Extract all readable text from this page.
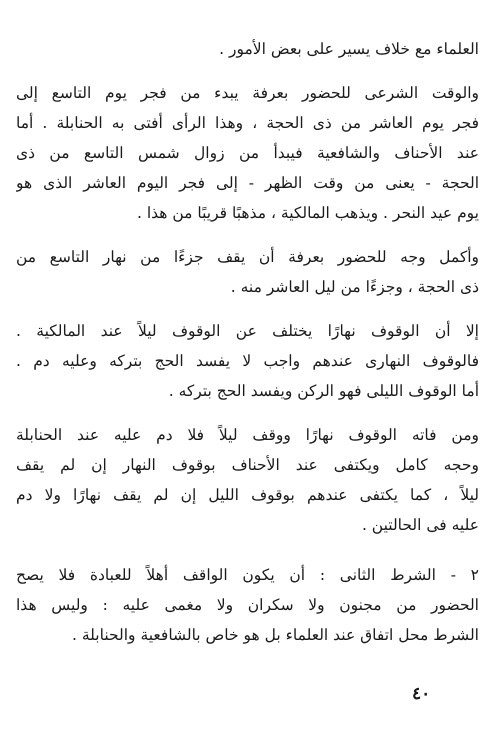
العلماء مع خلاف يسير على بعض الأمور .
والوقت الشرعى للحضور بعرفة يبدء من فجر يوم التاسع إلى
فجر يوم العاشر من ذى الحجة ، وهذا الرأى أفتى به الحنابلة . أما
عند الأحناف والشافعية فيبدأ من زوال شمس التاسع من ذى
الحجة - يعنى من وقت الظهر - إلى فجر اليوم العاشر الذى هو
يوم عيد النحر . ويذهب المالكية ، مذهبًا قريبًا من هذا .
وأكمل وجه للحضور بعرفة أن يقف جزءًا من نهار التاسع من
ذى الحجة ، وجزءًا من ليل العاشر منه .
إلا أن الوقوف نهارًا يختلف عن الوقوف ليلاً عند المالكية .
فالوقوف النهارى عندهم واجب لا يفسد الحج بتركه وعليه دم .
أما الوقوف الليلى فهو الركن ويفسد الحج بتركه .
ومن فاته الوقوف نهارًا ووقف ليلاً فلا دم عليه عند الحنابلة
وحجه كامل ويكتفى عند الأحناف بوقوف النهار إن لم يقف
ليلاً ، كما يكتفى عندهم بوقوف الليل إن لم يقف نهارًا ولا دم
عليه فى الحالتين .
٢ - الشرط الثانى : أن يكون الواقف أهلاً للعبادة فلا يصح
الحضور من مجنون ولا سكران ولا مغمى عليه : وليس هذا
الشرط محل اتفاق عند العلماء بل هو خاص بالشافعية والحنابلة .
٤٠
